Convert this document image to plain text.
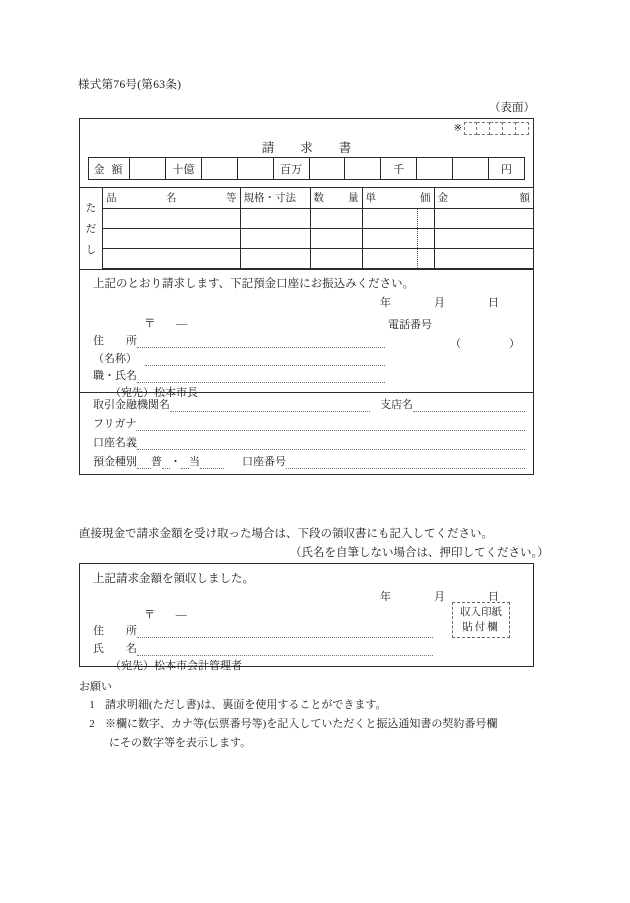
様式第76号(第63条)
（表面）
※
請求書
金 額		十億			百万			千			円
た
だ
し
品 名 等	規格・寸法	数 量	単 価	金 額

上記のとおり請求します、下記預金口座にお振込みください。
年　月　日
〒 —	電話番号
（	）
住　　所
（名称）
職・氏名
（宛先）松本市長
取引金融機関名	支店名
フリガナ
口座名義
預金種別 普 ・ 当	口座番号
直接現金で請求金額を受け取った場合は、下段の領収書にも記入してください。
（氏名を自筆しない場合は、押印してください。）
上記請求金額を領収しました。
年　月　日
〒 —	収入印紙
貼付欄
住　　所
氏　　名
（宛先）松本市会計管理者
お願い
1 請求明細(ただし書)は、裏面を使用することができます。
2 ※欄に数字、カナ等(伝票番号等)を記入していただくと振込通知書の契約番号欄
にその数字等を表示します。
